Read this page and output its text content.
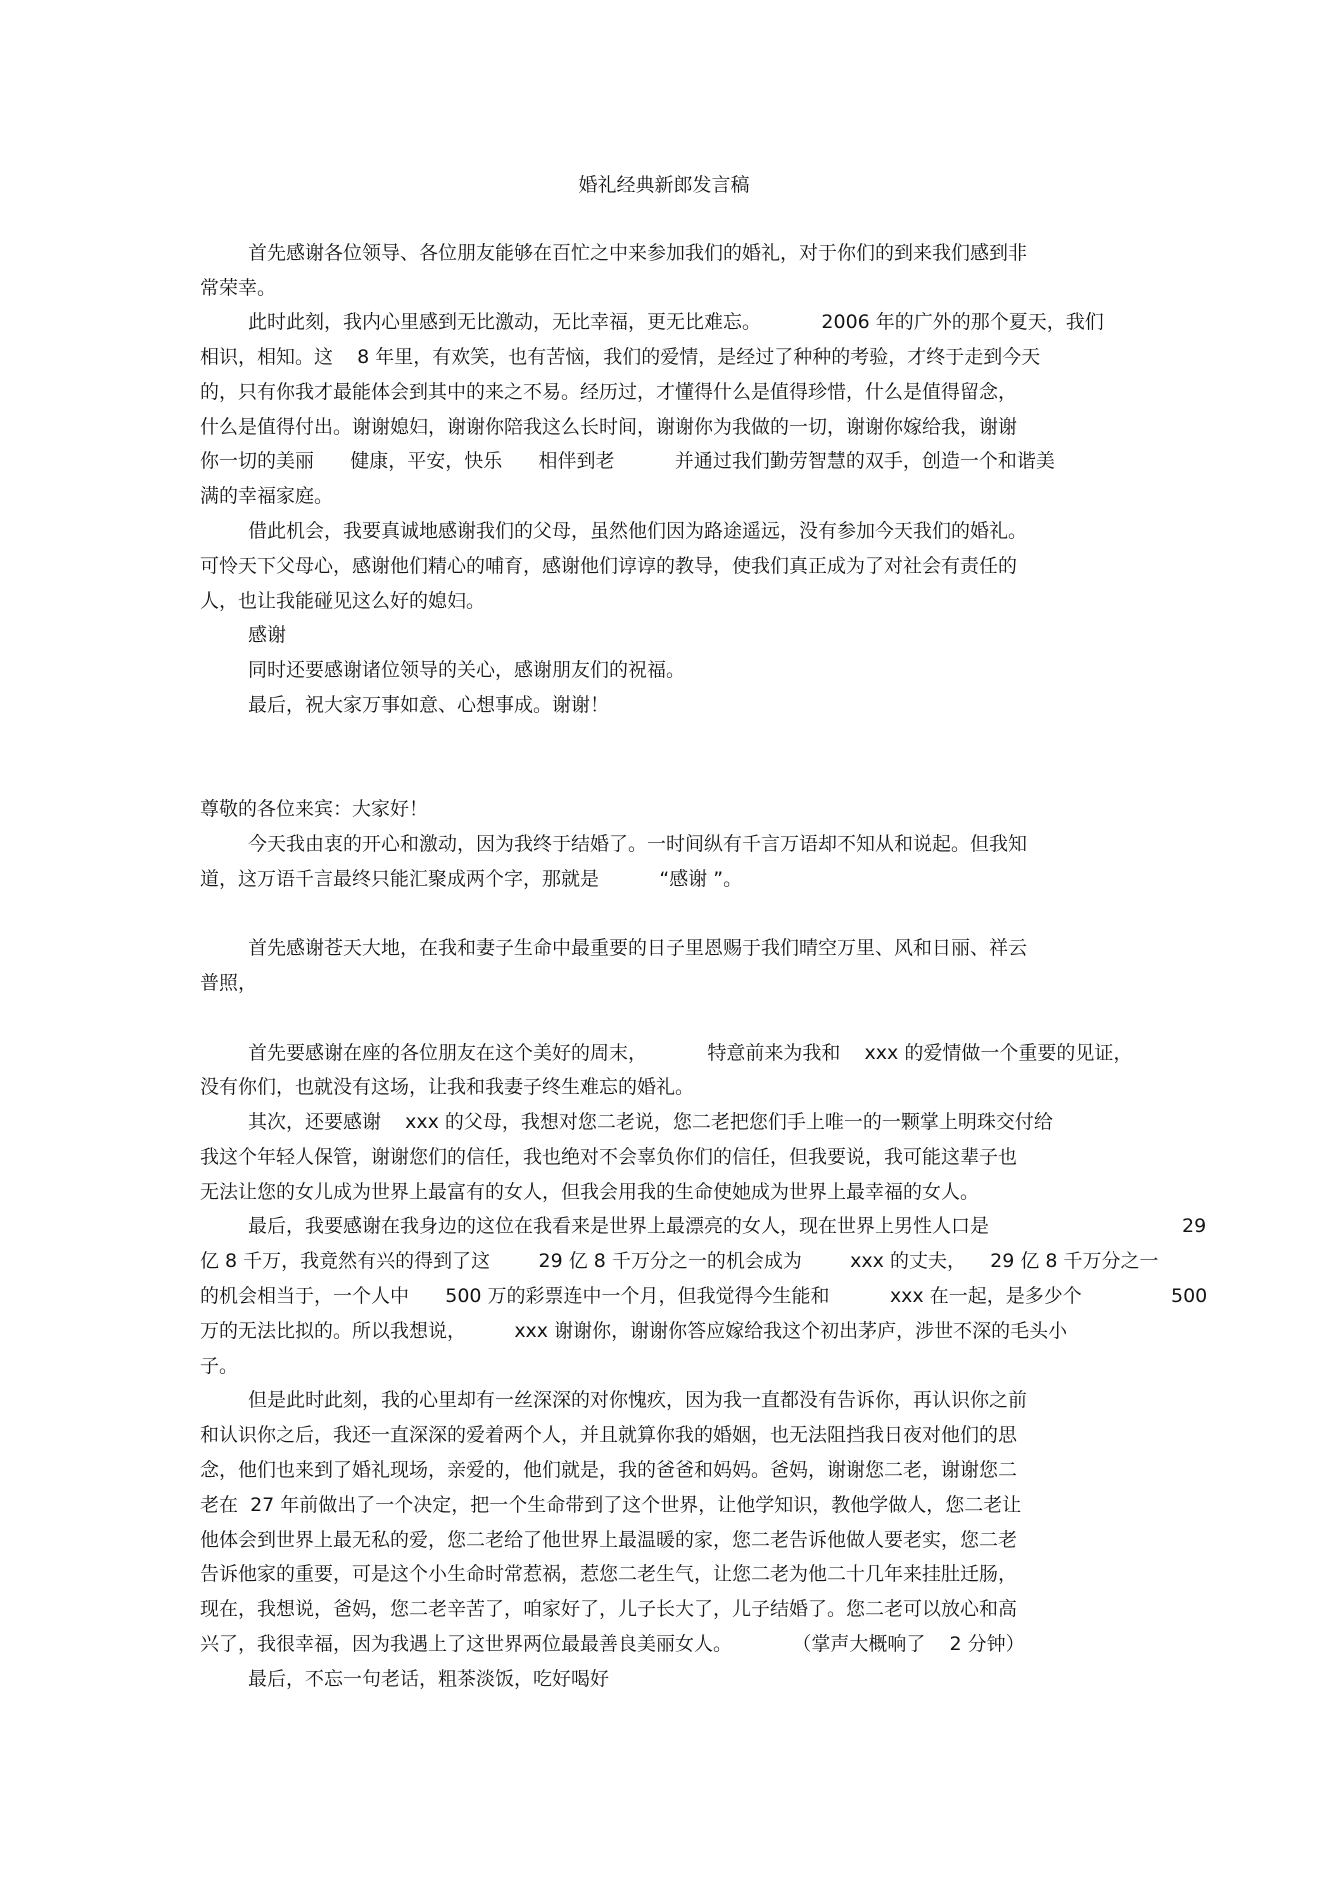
婚礼经典新郎发言稿
首先感谢各位领导、各位朋友能够在百忙之中来参加我们的婚礼，对于你们的到来我们感到非
常荣幸。
此时此刻，我内心里感到无比激动，无比幸福，更无比难忘。          2006 年的广外的那个夏天，我们
相识，相知。这    8 年里，有欢笑，也有苦恼，我们的爱情，是经过了种种的考验，才终于走到今天
的，只有你我才最能体会到其中的来之不易。经历过，才懂得什么是值得珍惜，什么是值得留念，
什么是值得付出。谢谢媳妇，谢谢你陪我这么长时间，谢谢你为我做的一切，谢谢你嫁给我，谢谢
你一切的美丽      健康，平安，快乐      相伴到老          并通过我们勤劳智慧的双手，创造一个和谐美
满的幸福家庭。
借此机会，我要真诚地感谢我们的父母，虽然他们因为路途遥远，没有参加今天我们的婚礼。
可怜天下父母心，感谢他们精心的哺育，感谢他们谆谆的教导，使我们真正成为了对社会有责任的
人，也让我能碰见这么好的媳妇。
感谢
同时还要感谢诸位领导的关心，感谢朋友们的祝福。
最后，祝大家万事如意、心想事成。谢谢！
尊敬的各位来宾：大家好！
今天我由衷的开心和激动，因为我终于结婚了。一时间纵有千言万语却不知从和说起。但我知
道，这万语千言最终只能汇聚成两个字，那就是          “感谢 ”。
首先感谢苍天大地，在我和妻子生命中最重要的日子里恩赐于我们晴空万里、风和日丽、祥云
普照，
首先要感谢在座的各位朋友在这个美好的周末，          特意前来为我和    xxx 的爱情做一个重要的见证，
没有你们，也就没有这场，让我和我妻子终生难忘的婚礼。
其次，还要感谢    xxx 的父母，我想对您二老说，您二老把您们手上唯一的一颗掌上明珠交付给
我这个年轻人保管，谢谢您们的信任，我也绝对不会辜负你们的信任，但我要说，我可能这辈子也
无法让您的女儿成为世界上最富有的女人，但我会用我的生命使她成为世界上最幸福的女人。
最后，我要感谢在我身边的这位在我看来是世界上最漂亮的女人，现在世界上男性人口是	29
亿 8 千万，我竟然有兴的得到了这        29 亿 8 千万分之一的机会成为        xxx 的丈夫，    29 亿 8 千万分之一
的机会相当于，一个人中      500 万的彩票连中一个月，但我觉得今生能和          xxx 在一起，是多少个	500
万的无法比拟的。所以我想说，        xxx 谢谢你，谢谢你答应嫁给我这个初出茅庐，涉世不深的毛头小
子。
但是此时此刻，我的心里却有一丝深深的对你愧疚，因为我一直都没有告诉你，再认识你之前
和认识你之后，我还一直深深的爱着两个人，并且就算你我的婚姻，也无法阻挡我日夜对他们的思
念，他们也来到了婚礼现场，亲爱的，他们就是，我的爸爸和妈妈。爸妈，谢谢您二老，谢谢您二
老在  27 年前做出了一个决定，把一个生命带到了这个世界，让他学知识，教他学做人，您二老让
他体会到世界上最无私的爱，您二老给了他世界上最温暖的家，您二老告诉他做人要老实，您二老
告诉他家的重要，可是这个小生命时常惹祸，惹您二老生气，让您二老为他二十几年来挂肚迁肠，
现在，我想说，爸妈，您二老辛苦了，咱家好了，儿子长大了，儿子结婚了。您二老可以放心和高
兴了，我很幸福，因为我遇上了这世界两位最最善良美丽女人。          （掌声大概响了    2 分钟）
最后，不忘一句老话，粗茶淡饭，吃好喝好
